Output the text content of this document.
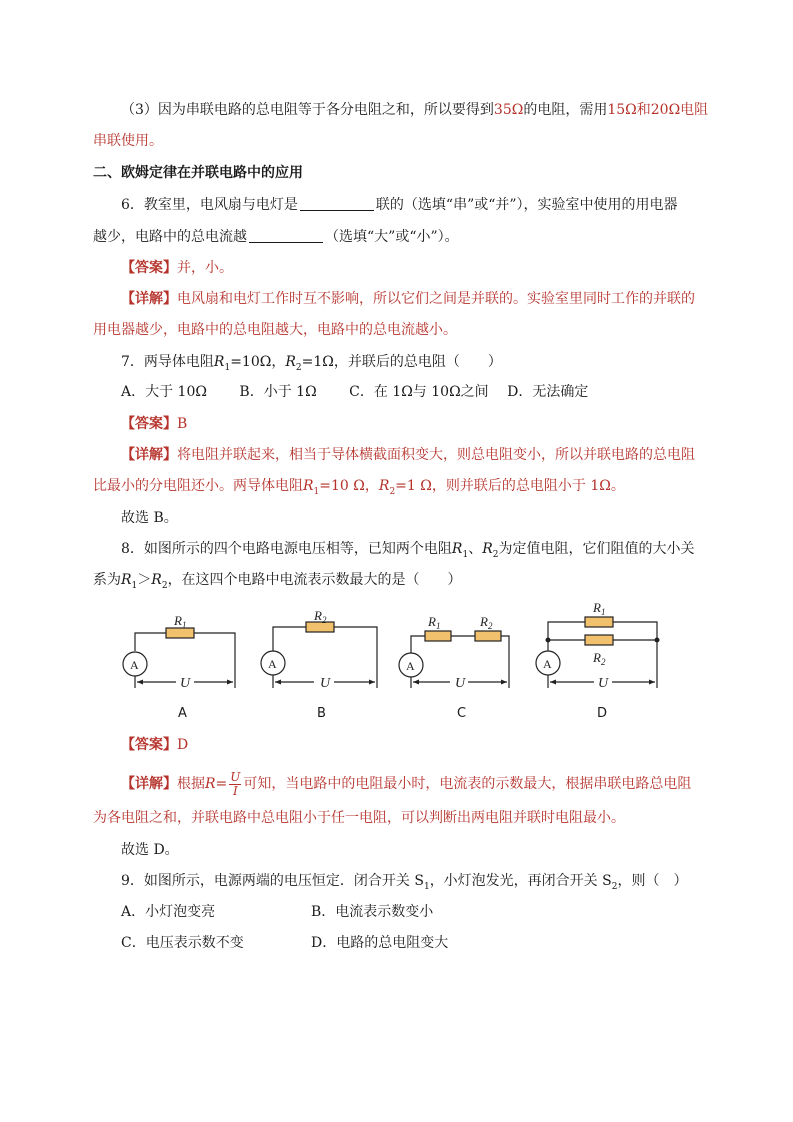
（3）因为串联电路的总电阻等于各分电阻之和，所以要得到35Ω的电阻，需用15Ω和20Ω电阻
串联使用。
二、欧姆定律在并联电路中的应用
6．教室里，电风扇与电灯是	联的（选填“串”或“并”），实验室中使用的用电器
越少，电路中的总电流越	（选填“大”或“小”）。
【答案】并，小。
【详解】电风扇和电灯工作时互不影响，所以它们之间是并联的。实验室里同时工作的并联的
用电器越少，电路中的总电阻越大，电路中的总电流越小。
7．两导体电阻$R_1=10\Omega$，$R_2=1\Omega$，并联后的总电阻（　　）
A．大于 10Ω　　 B．小于 1Ω　　 C．在 1Ω与 10Ω之间　 D．无法确定
【答案】B
【详解】将电阻并联起来，相当于导体横截面积变大，则总电阻变小，所以并联电路的总电阻
比最小的分电阻还小。两导体电阻$R_1=10$ Ω，$R_2=1$ Ω，则并联后的总电阻小于 1Ω。
故选 B。
8．如图所示的四个电路电源电压相等，已知两个电阻$R_1$、$R_2$为定值电阻，它们阻值的大小关
系为$R_1>R_2$，在这四个电路中电流表示数最大的是（　　）
$R_1$
A
U
$R_2$
A
U
$R_1$	$R_2$
A
U
$R_1$
$R_2$
A
U
A	B	C	D
【答案】D
【详解】根据$R= \frac{U}{I}$ 可知，当电路中的电阻最小时，电流表的示数最大，根据串联电路总电阻
为各电阻之和，并联电路中总电阻小于任一电阻，可以判断出两电阻并联时电阻最小。
故选 D。
9．如图所示，电源两端的电压恒定．闭合开关 $S_1$，小灯泡发光，再闭合开关 $S_2$，则（　）
A．小灯泡变亮	B．电流表示数变小
C．电压表示数不变	D．电路的总电阻变大
